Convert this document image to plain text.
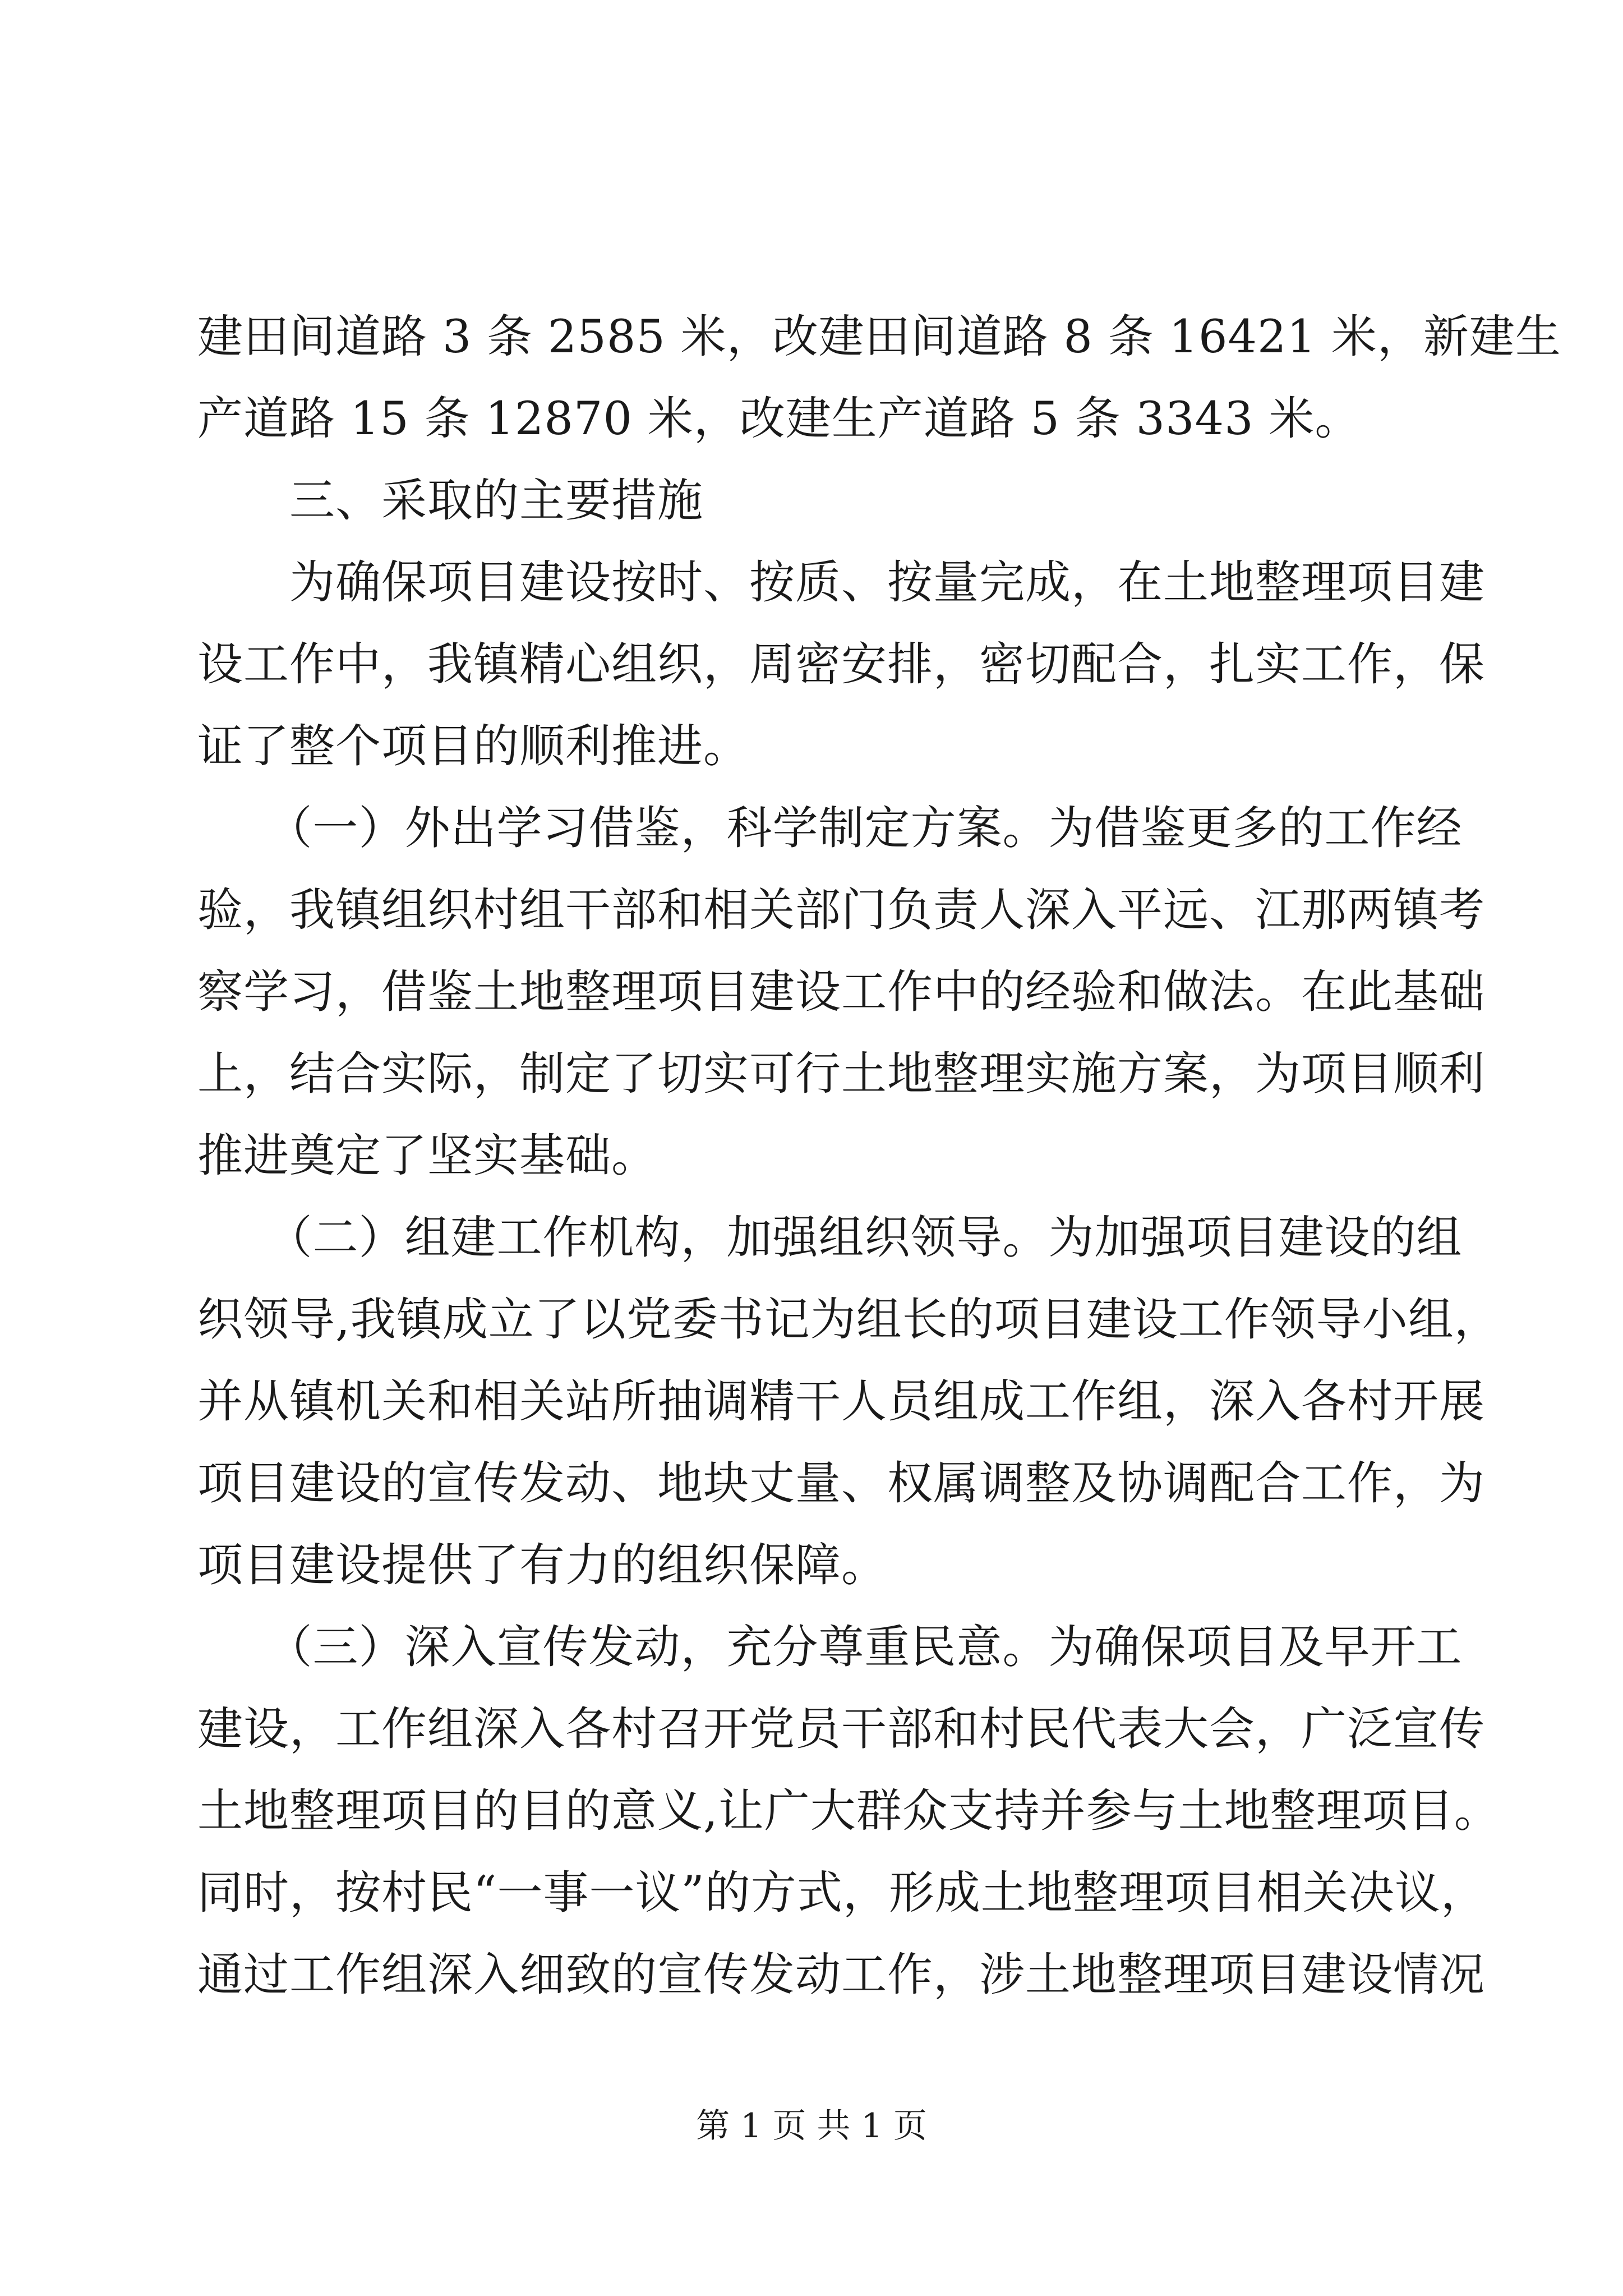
建田间道路 3 条 2585 米，改建田间道路 8 条 16421 米，新建生
产道路 15 条 12870 米，改建生产道路 5 条 3343 米。
　　三、采取的主要措施
　　为确保项目建设按时、按质、按量完成，在土地整理项目建
设工作中，我镇精心组织，周密安排，密切配合，扎实工作，保
证了整个项目的顺利推进。
　　（一）外出学习借鉴，科学制定方案。为借鉴更多的工作经
验，我镇组织村组干部和相关部门负责人深入平远、江那两镇考
察学习，借鉴土地整理项目建设工作中的经验和做法。在此基础
上，结合实际，制定了切实可行土地整理实施方案，为项目顺利
推进奠定了坚实基础。
　　（二）组建工作机构，加强组织领导。为加强项目建设的组
织领导,我镇成立了以党委书记为组长的项目建设工作领导小组，
并从镇机关和相关站所抽调精干人员组成工作组，深入各村开展
项目建设的宣传发动、地块丈量、权属调整及协调配合工作，为
项目建设提供了有力的组织保障。
　　（三）深入宣传发动，充分尊重民意。为确保项目及早开工
建设，工作组深入各村召开党员干部和村民代表大会，广泛宣传
土地整理项目的目的意义,让广大群众支持并参与土地整理项目。
同时，按村民“一事一议”的方式，形成土地整理项目相关决议，
通过工作组深入细致的宣传发动工作，涉土地整理项目建设情况
第 1 页 共 1 页
